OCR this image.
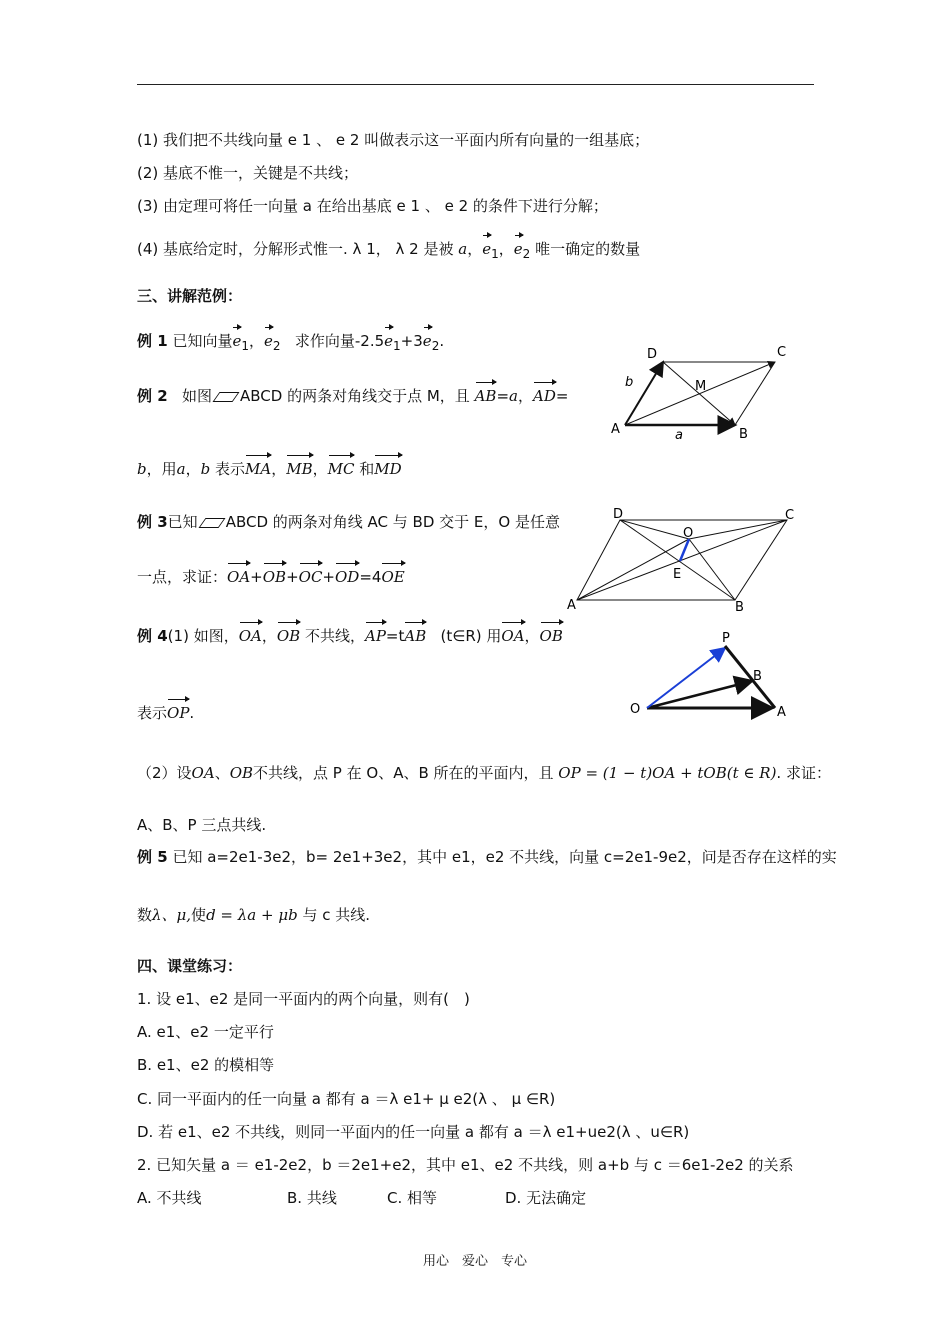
(1) 我们把不共线向量 e 1 、 e 2 叫做表示这一平面内所有向量的一组基底；
(2) 基底不惟一，关键是不共线；
(3) 由定理可将任一向量 a 在给出基底 e 1 、 e 2 的条件下进行分解；
(4) 基底给定时，分解形式惟一. λ 1， λ 2 是被 a，$e_1$，$e_2$ 唯一确定的数量
三、讲解范例：
例 1 已知向量$e_1$，$e_2$ 求作向量$-2.5e_1+3e_2$.
例 2 如图 ABCD 的两条对角线交于点 M，且 AB=a，AD=
b，用a，b 表示MA，MB，MC 和MD
例 3已知 ABCD 的两条对角线 AC 与 BD 交于 E，O 是任意
一点，求证：OA+OB+OC+OD=4OE
例 4(1) 如图，OA，OB 不共线，AP=tAB (t∈R) 用OA，OB
表示OP.
（2）设OA、OB不共线，点 P 在 O、A、B 所在的平面内，且 OP = (1 − t)OA + tOB(t ∈ R). 求证：
A、B、P 三点共线.
例 5 已知 a=2e1-3e2，b= 2e1+3e2，其中 e1，e2 不共线，向量 c=2e1-9e2，问是否存在这样的实
数λ、μ,使d = λa + μb 与 c 共线.
四、课堂练习：
1. 设 e1、e2 是同一平面内的两个向量，则有(　)
A. e1、e2 一定平行
B. e1、e2 的模相等
C. 同一平面内的任一向量 a 都有 a ＝λ e1+ μ e2(λ 、 μ ∈R)
D. 若 e1、e2 不共线，则同一平面内的任一向量 a 都有 a ＝λ e1+ue2(λ 、u∈R)
2. 已知矢量 a ＝ e1-2e2，b ＝2e1+e2，其中 e1、e2 不共线，则 a+b 与 c ＝6e1-2e2 的关系
A. 不共线	B. 共线	C. 相等	D. 无法确定
用心　爱心　专心
A	B
C
D
M
a
b
A	B
C
D
O
E
O	A
B
P
